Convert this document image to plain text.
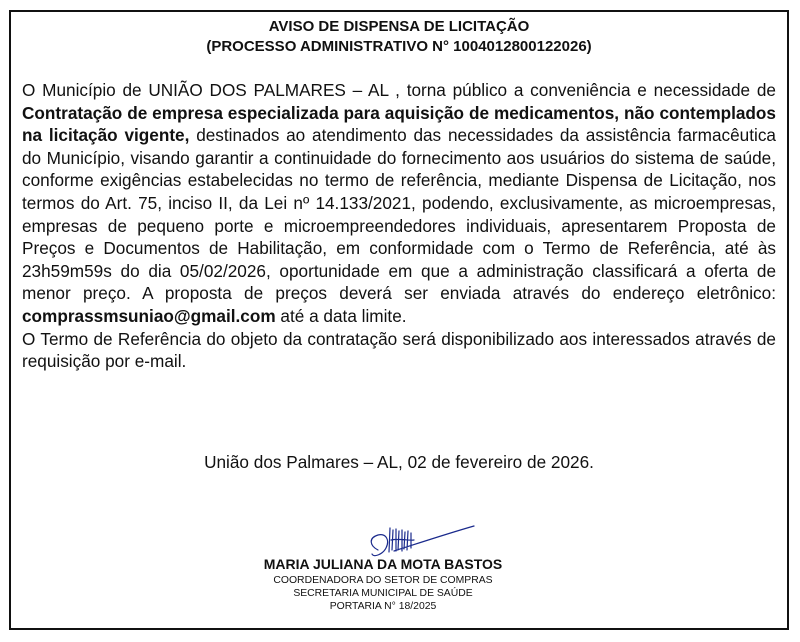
AVISO DE DISPENSA DE LICITAÇÃO
(PROCESSO ADMINISTRATIVO N° 1004012800122026)

O Município de UNIÃO DOS PALMARES – AL , torna público a conveniência e necessidade de Contratação de empresa especializada para aquisição de medicamentos, não contemplados na licitação vigente, destinados ao atendimento das necessidades da assistência farmacêutica do Município, visando garantir a continuidade do fornecimento aos usuários do sistema de saúde, conforme exigências estabelecidas no termo de referência, mediante Dispensa de Licitação, nos termos do Art. 75, inciso II, da Lei nº 14.133/2021, podendo, exclusivamente, as microempresas, empresas de pequeno porte e microempreendedores individuais, apresentarem Proposta de Preços e Documentos de Habilitação, em conformidade com o Termo de Referência, até às 23h59m59s do dia 05/02/2026, oportunidade em que a administração classificará a oferta de menor preço. A proposta de preços deverá ser enviada através do endereço eletrônico: comprassmsuniao@gmail.com até a data limite.

O Termo de Referência do objeto da contratação será disponibilizado aos interessados através de requisição por e-mail.

União dos Palmares – AL, 02 de fevereiro de 2026.
MARIA JULIANA DA MOTA BASTOS
COORDENADORA DO SETOR DE COMPRAS
SECRETARIA MUNICIPAL DE SAÚDE
PORTARIA N° 18/2025
